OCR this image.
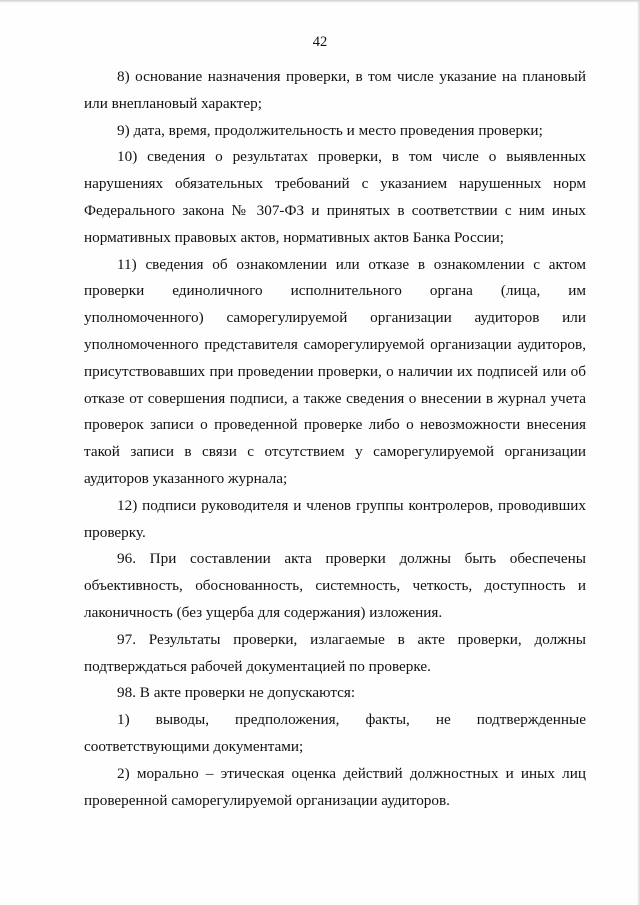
42

8) основание назначения проверки, в том числе указание на плановый или внеплановый характер;

9) дата, время, продолжительность и место проведения проверки;

10) сведения о результатах проверки, в том числе о выявленных нарушениях обязательных требований с указанием нарушенных норм Федерального закона № 307-ФЗ и принятых в соответствии с ним иных нормативных правовых актов, нормативных актов Банка России;

11) сведения об ознакомлении или отказе в ознакомлении с актом проверки единоличного исполнительного органа (лица, им уполномоченного) саморегулируемой организации аудиторов или уполномоченного представителя саморегулируемой организации аудиторов, присутствовавших при проведении проверки, о наличии их подписей или об отказе от совершения подписи, а также сведения о внесении в журнал учета проверок записи о проведенной проверке либо о невозможности внесения такой записи в связи с отсутствием у саморегулируемой организации аудиторов указанного журнала;

12) подписи руководителя и членов группы контролеров, проводивших проверку.

96. При составлении акта проверки должны быть обеспечены объективность, обоснованность, системность, четкость, доступность и лаконичность (без ущерба для содержания) изложения.

97. Результаты проверки, излагаемые в акте проверки, должны подтверждаться рабочей документацией по проверке.

98. В акте проверки не допускаются:

1) выводы, предположения, факты, не подтвержденные соответствующими документами;

2) морально – этическая оценка действий должностных и иных лиц проверенной саморегулируемой организации аудиторов.
